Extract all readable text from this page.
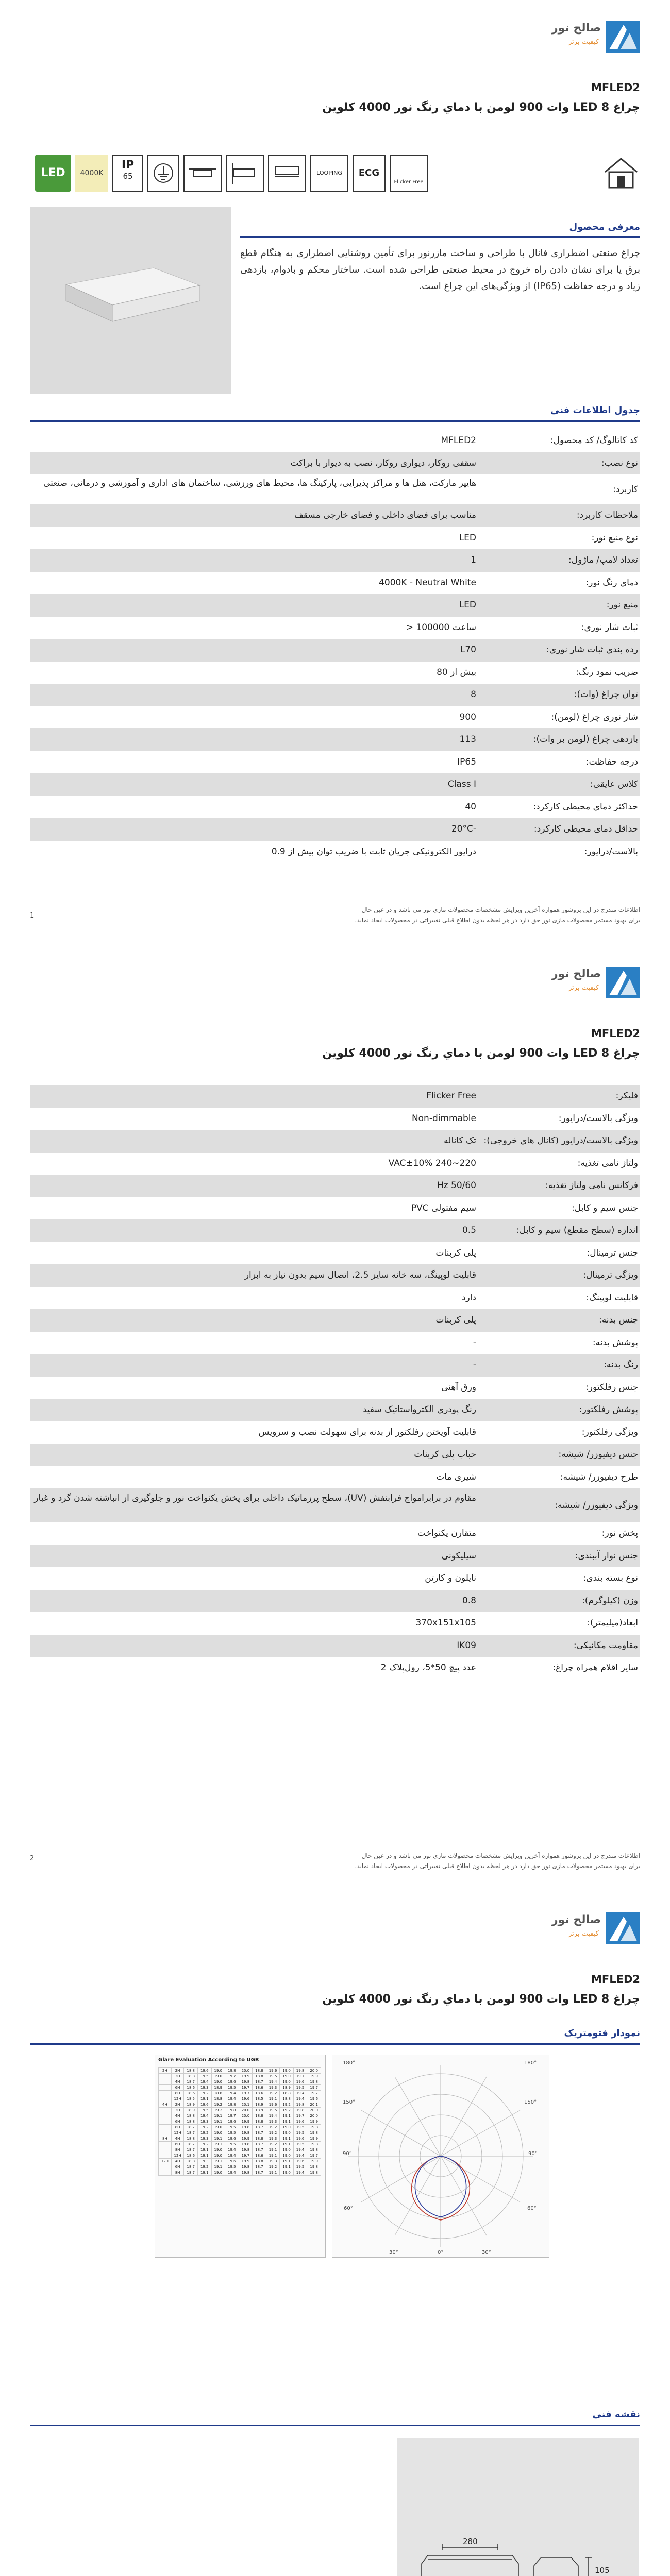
صالح نور
کیفیت برتر
MFLED2
چراغ 8 LED وات 900 لومن با دماي رنگ نور 4000 کلوين
LED	4000K
IP
65	LOOPING	ECG
Flicker Free
معرفی محصول
چراغ صنعتی اضطراری فانال با طراحی و ساخت مازرنور برای تأمین روشنایی اضطراری به هنگام قطع برق یا برای نشان دادن راه خروج در محیط صنعتی طراحی شده است. ساختار محکم و بادوام، بازدهی زیاد و درجه حفاظت (IP65) از ویژگی‌های این چراغ است.
جدول اطلاعات فنی
کد کاتالوگ/ کد محصول:
MFLED2
نوع نصب:
سقفی روکار، دیواری روکار، نصب به دیوار با براکت
کاربرد:
هایپر مارکت، هتل ها و مراکز پذیرایی، پارکینگ ها، محیط های ورزشی، ساختمان های اداری و آموزشی و درمانی، صنعتی
ملاحظات کاربرد:
مناسب برای فضای داخلی و فضای خارجی مسقف
نوع منبع نور:
LED
تعداد لامپ/ ماژول:
1
دمای رنگ نور:
4000K - Neutral White
منبع نور:
LED
ثبات شار نوری:
ساعت 100000 <
رده بندی ثبات شار نوری:
L70
ضریب نمود رنگ:
بیش از 80
توان چراغ (وات):
8
شار نوری چراغ (لومن):
900
بازدهی چراغ (لومن بر وات):
113
درجه حفاظت:
IP65
کلاس عایقی:
Class I
حداکثر دمای محیطی کارکرد:
40
حداقل دمای محیطی کارکرد:
-20°C
بالاست/درایور:
درایور الکترونیکی جریان ثابت با ضریب توان بیش از 0.9
اطلاعات مندرج در این بروشور همواره آخرین ویرایش مشخصات محصولات مازی نور می باشد و در عین حال
برای بهبود مستمر محصولات مازی نور حق دارد در هر لحظه بدون اطلاع قبلی تغییراتی در محصولات ایجاد نماید.
1
صالح نور
کیفیت برتر
MFLED2
چراغ 8 LED وات 900 لومن با دماي رنگ نور 4000 کلوين
فلیکر:
Flicker Free
ویژگی بالاست/درایور:
Non-dimmable
ویژگی بالاست/درایور (کانال های خروجی):
تک کاناله
ولتاژ نامی تغذیه:
220~240 VAC±10%
فرکانس نامی ولتاژ تغذیه:
50/60 Hz
جنس سیم و کابل:
سیم مفتولی PVC
اندازه (سطح مقطع) سیم و کابل:
0.5
جنس ترمینال:
پلی کربنات
ویژگی ترمینال:
قابلیت لوپینگ، سه خانه سایز 2.5، اتصال سیم بدون نیاز به ابزار
قابلیت لوپینگ:
دارد
جنس بدنه:
پلی کربنات
پوشش بدنه:
-
رنگ بدنه:
-
جنس رفلکتور:
ورق آهنی
پوشش رفلکتور:
رنگ پودری الکترواستاتیک سفید
ویژگی رفلکتور:
قابلیت آویختن رفلکتور از بدنه برای سهولت نصب و سرویس
جنس دیفیوزر/ شیشه:
حباب پلی کربنات
طرح دیفیوزر/ شیشه:
شیری مات
ویژگی دیفیوزر/ شیشه:
مقاوم در برابرامواج فرابنفش (UV)، سطح پرزماتیک داخلی برای پخش یکنواخت نور و جلوگیری از انباشته شدن گرد و غبار
پخش نور:
متقارن یکنواخت
جنس نوار آببندی:
سیلیکونی
نوع بسته بندی:
نایلون و کارتن
وزن (کیلوگرم):
0.8
ابعاد(میلیمتر):
370x151x105
مقاومت مکانیکی:
IK09
سایر اقلام همراه چراغ:
عدد پیچ 50*5، رول‌پلاک 2
اطلاعات مندرج در این بروشور همواره آخرین ویرایش مشخصات محصولات مازی نور می باشد و در عین حال
برای بهبود مستمر محصولات مازی نور حق دارد در هر لحظه بدون اطلاع قبلی تغییراتی در محصولات ایجاد نماید.
2
صالح نور
کیفیت برتر
MFLED2
چراغ 8 LED وات 900 لومن با دماي رنگ نور 4000 کلوين
نمودار فتومتریک
Glare Evaluation According to UGR
2H	2H	18.8	19.6	19.0	19.8	20.0	18.8	19.6	19.0	19.8	20.0
	3H	18.8	19.5	19.0	19.7	19.9	18.8	19.5	19.0	19.7	19.9
	4H	18.7	19.4	19.0	19.6	19.8	18.7	19.4	19.0	19.6	19.8
	6H	18.6	19.3	18.9	19.5	19.7	18.6	19.3	18.9	19.5	19.7
	8H	18.6	19.2	18.8	19.4	19.7	18.6	19.2	18.8	19.4	19.7
	12H	18.5	19.1	18.8	19.4	19.6	18.5	19.1	18.8	19.4	19.6
4H	2H	18.9	19.6	19.2	19.8	20.1	18.9	19.6	19.2	19.8	20.1
	3H	18.9	19.5	19.2	19.8	20.0	18.9	19.5	19.2	19.8	20.0
	4H	18.8	19.4	19.1	19.7	20.0	18.8	19.4	19.1	19.7	20.0
	6H	18.8	19.3	19.1	19.6	19.9	18.8	19.3	19.1	19.6	19.9
	8H	18.7	19.2	19.0	19.5	19.8	18.7	19.2	19.0	19.5	19.8
	12H	18.7	19.2	19.0	19.5	19.8	18.7	19.2	19.0	19.5	19.8
8H	4H	18.8	19.3	19.1	19.6	19.9	18.8	19.3	19.1	19.6	19.9
	6H	18.7	19.2	19.1	19.5	19.8	18.7	19.2	19.1	19.5	19.8
	8H	18.7	19.1	19.0	19.4	19.8	18.7	19.1	19.0	19.4	19.8
	12H	18.6	19.1	19.0	19.4	19.7	18.6	19.1	19.0	19.4	19.7
12H	4H	18.8	19.3	19.1	19.6	19.9	18.8	19.3	19.1	19.6	19.9
	6H	18.7	19.2	19.1	19.5	19.8	18.7	19.2	19.1	19.5	19.8
	8H	18.7	19.1	19.0	19.4	19.8	18.7	19.1	19.0	19.4	19.8
180°	180°
150°	150°
90°	90°
60°	60°
30°	0°	30°
نقشه فنی
280
105
